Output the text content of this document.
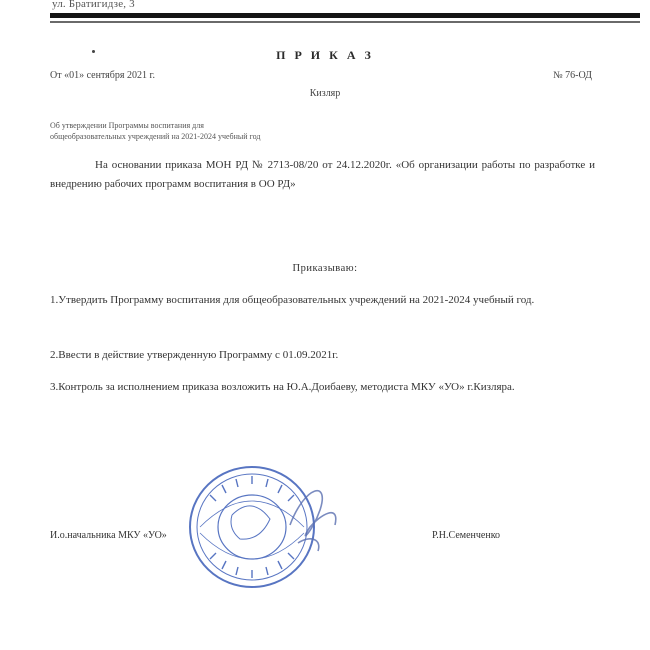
ул. Братигидзе, 3
П Р И К А З
От «01» сентября 2021 г.	№ 76-ОД
Кизляр
Об утверждении Программы воспитания для
общеобразовательных учреждений на 2021-2024 учебный год
На основании приказа МОН РД № 2713-08/20 от 24.12.2020г. «Об организации работы по разработке и внедрению рабочих программ воспитания в ОО РД»
Приказываю:
1.Утвердить Программу воспитания для общеобразовательных учреждений на 2021-2024 учебный год.
2.Ввести в действие утвержденную Программу с 01.09.2021г.
3.Контроль за исполнением приказа возложить на Ю.А.Доибаеву, методиста МКУ «УО» г.Кизляра.
И.о.начальника МКУ «УО»	Р.Н.Семенченко
